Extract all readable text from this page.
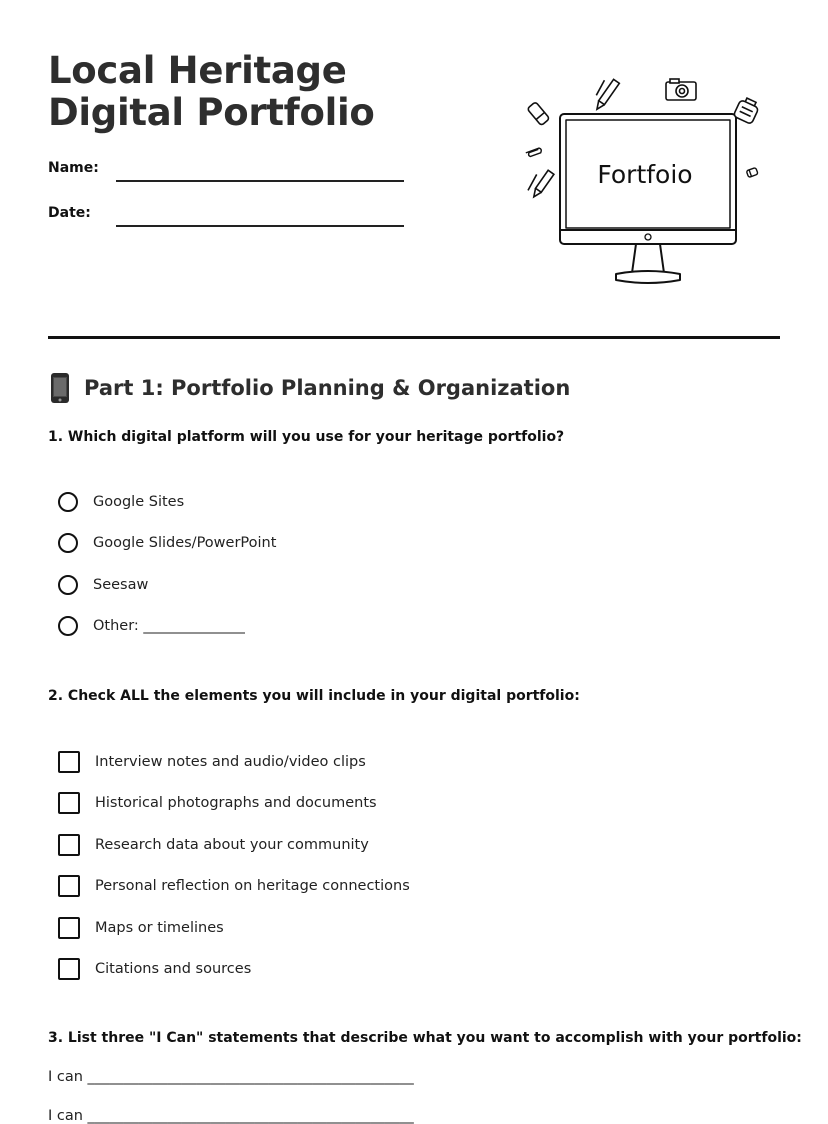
Local Heritage Digital Portfolio
Name:
Date:
Fortfoio
Part 1: Portfolio Planning & Organization
1. Which digital platform will you use for your heritage portfolio?
Google Sites
Google Slides/PowerPoint
Seesaw
Other: ______________
2. Check ALL the elements you will include in your digital portfolio:
Interview notes and audio/video clips
Historical photographs and documents
Research data about your community
Personal reflection on heritage connections
Maps or timelines
Citations and sources
3. List three "I Can" statements that describe what you want to accomplish with your portfolio:
I can _____________________________________________
I can _____________________________________________
